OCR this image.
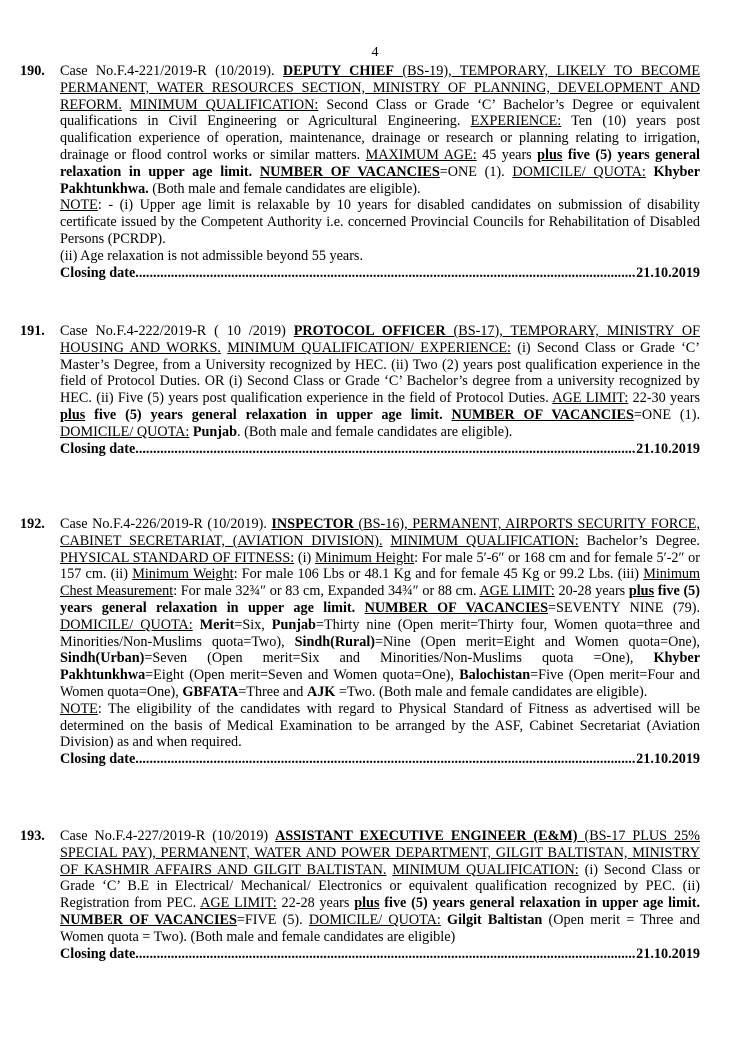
4
190. Case No.F.4-221/2019-R (10/2019). DEPUTY CHIEF (BS-19), TEMPORARY, LIKELY TO BECOME PERMANENT, WATER RESOURCES SECTION, MINISTRY OF PLANNING, DEVELOPMENT AND REFORM. MINIMUM QUALIFICATION: Second Class or Grade ‘C’ Bachelor’s Degree or equivalent qualifications in Civil Engineering or Agricultural Engineering. EXPERIENCE: Ten (10) years post qualification experience of operation, maintenance, drainage or research or planning relating to irrigation, drainage or flood control works or similar matters. MAXIMUM AGE: 45 years plus five (5) years general relaxation in upper age limit. NUMBER OF VACANCIES=ONE (1). DOMICILE/ QUOTA: Khyber Pakhtunkhwa. (Both male and female candidates are eligible).

NOTE: - (i) Upper age limit is relaxable by 10 years for disabled candidates on submission of disability certificate issued by the Competent Authority i.e. concerned Provincial Councils for Rehabilitation of Disabled Persons (PCRDP).

(ii) Age relaxation is not admissible beyond 55 years.

Closing date .....	21.10.2019
191. Case No.F.4-222/2019-R ( 10 /2019) PROTOCOL OFFICER (BS-17), TEMPORARY, MINISTRY OF HOUSING AND WORKS. MINIMUM QUALIFICATION/ EXPERIENCE: (i) Second Class or Grade ‘C’ Master’s Degree, from a University recognized by HEC. (ii) Two (2) years post qualification experience in the field of Protocol Duties. OR (i) Second Class or Grade ‘C’ Bachelor’s degree from a university recognized by HEC. (ii) Five (5) years post qualification experience in the field of Protocol Duties. AGE LIMIT: 22-30 years plus five (5) years general relaxation in upper age limit. NUMBER OF VACANCIES=ONE (1). DOMICILE/ QUOTA: Punjab. (Both male and female candidates are eligible).

Closing date .....	21.10.2019
192. Case No.F.4-226/2019-R (10/2019). INSPECTOR (BS-16), PERMANENT, AIRPORTS SECURITY FORCE, CABINET SECRETARIAT, (AVIATION DIVISION). MINIMUM QUALIFICATION: Bachelor’s Degree. PHYSICAL STANDARD OF FITNESS: (i) Minimum Height: For male 5′-6″ or 168 cm and for female 5′-2″ or 157 cm. (ii) Minimum Weight: For male 106 Lbs or 48.1 Kg and for female 45 Kg or 99.2 Lbs. (iii) Minimum Chest Measurement: For male 32¾″ or 83 cm, Expanded 34¾″ or 88 cm. AGE LIMIT: 20-28 years plus five (5) years general relaxation in upper age limit. NUMBER OF VACANCIES=SEVENTY NINE (79). DOMICILE/ QUOTA: Merit=Six, Punjab=Thirty nine (Open merit=Thirty four, Women quota=three and Minorities/Non-Muslims quota=Two), Sindh(Rural)=Nine (Open merit=Eight and Women quota=One), Sindh(Urban)=Seven (Open merit=Six and Minorities/Non-Muslims quota =One), Khyber Pakhtunkhwa=Eight (Open merit=Seven and Women quota=One), Balochistan=Five (Open merit=Four and Women quota=One), GBFATA=Three and AJK =Two. (Both male and female candidates are eligible).

NOTE: The eligibility of the candidates with regard to Physical Standard of Fitness as advertised will be determined on the basis of Medical Examination to be arranged by the ASF, Cabinet Secretariat (Aviation Division) as and when required.

Closing date .....	21.10.2019
193. Case No.F.4-227/2019-R (10/2019) ASSISTANT EXECUTIVE ENGINEER (E&M) (BS-17 PLUS 25% SPECIAL PAY), PERMANENT, WATER AND POWER DEPARTMENT, GILGIT BALTISTAN, MINISTRY OF KASHMIR AFFAIRS AND GILGIT BALTISTAN. MINIMUM QUALIFICATION: (i) Second Class or Grade ‘C’ B.E in Electrical/ Mechanical/ Electronics or equivalent qualification recognized by PEC. (ii) Registration from PEC. AGE LIMIT: 22-28 years plus five (5) years general relaxation in upper age limit. NUMBER OF VACANCIES=FIVE (5). DOMICILE/ QUOTA: Gilgit Baltistan (Open merit = Three and Women quota = Two). (Both male and female candidates are eligible)

Closing date .....	21.10.2019
